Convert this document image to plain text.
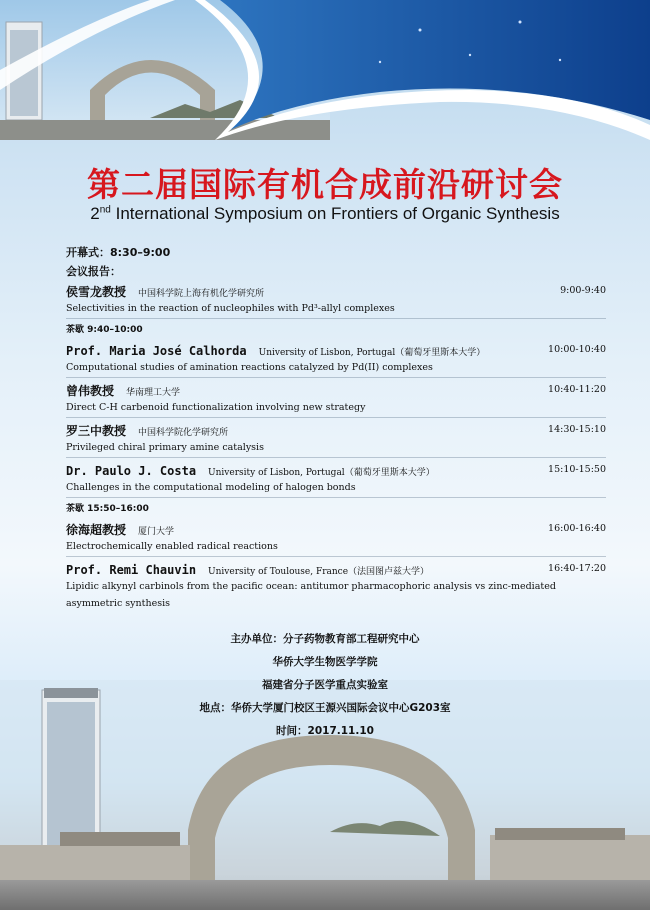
第二届国际有机合成前沿研讨会
2nd International Symposium on Frontiers of Organic Synthesis
开幕式：8:30–9:00
会议报告：
侯雪龙教授 中国科学院上海有机化学研究所	9:00-9:40
Selectivities in the reaction of nucleophiles with Pd³-allyl complexes
茶歇 9:40–10:00
Prof. Maria José Calhorda University of Lisbon, Portugal（葡萄牙里斯本大学）	10:00-10:40
Computational studies of amination reactions catalyzed by Pd(II) complexes
曾伟教授 华南理工大学	10:40-11:20
Direct C-H carbenoid functionalization involving new strategy
罗三中教授 中国科学院化学研究所	14:30-15:10
Privileged chiral primary amine catalysis
Dr. Paulo J. Costa University of Lisbon, Portugal（葡萄牙里斯本大学）	15:10-15:50
Challenges in the computational modeling of halogen bonds
茶歇 15:50–16:00
徐海超教授 厦门大学	16:00-16:40
Electrochemically enabled radical reactions
Prof. Remi Chauvin University of Toulouse, France（法国图卢兹大学）	16:40-17:20
Lipidic alkynyl carbinols from the pacific ocean: antitumor pharmacophoric analysis vs zinc-mediated asymmetric synthesis
主办单位：分子药物教育部工程研究中心
华侨大学生物医学学院
福建省分子医学重点实验室
地点：华侨大学厦门校区王源兴国际会议中心G203室
时间：2017.11.10
